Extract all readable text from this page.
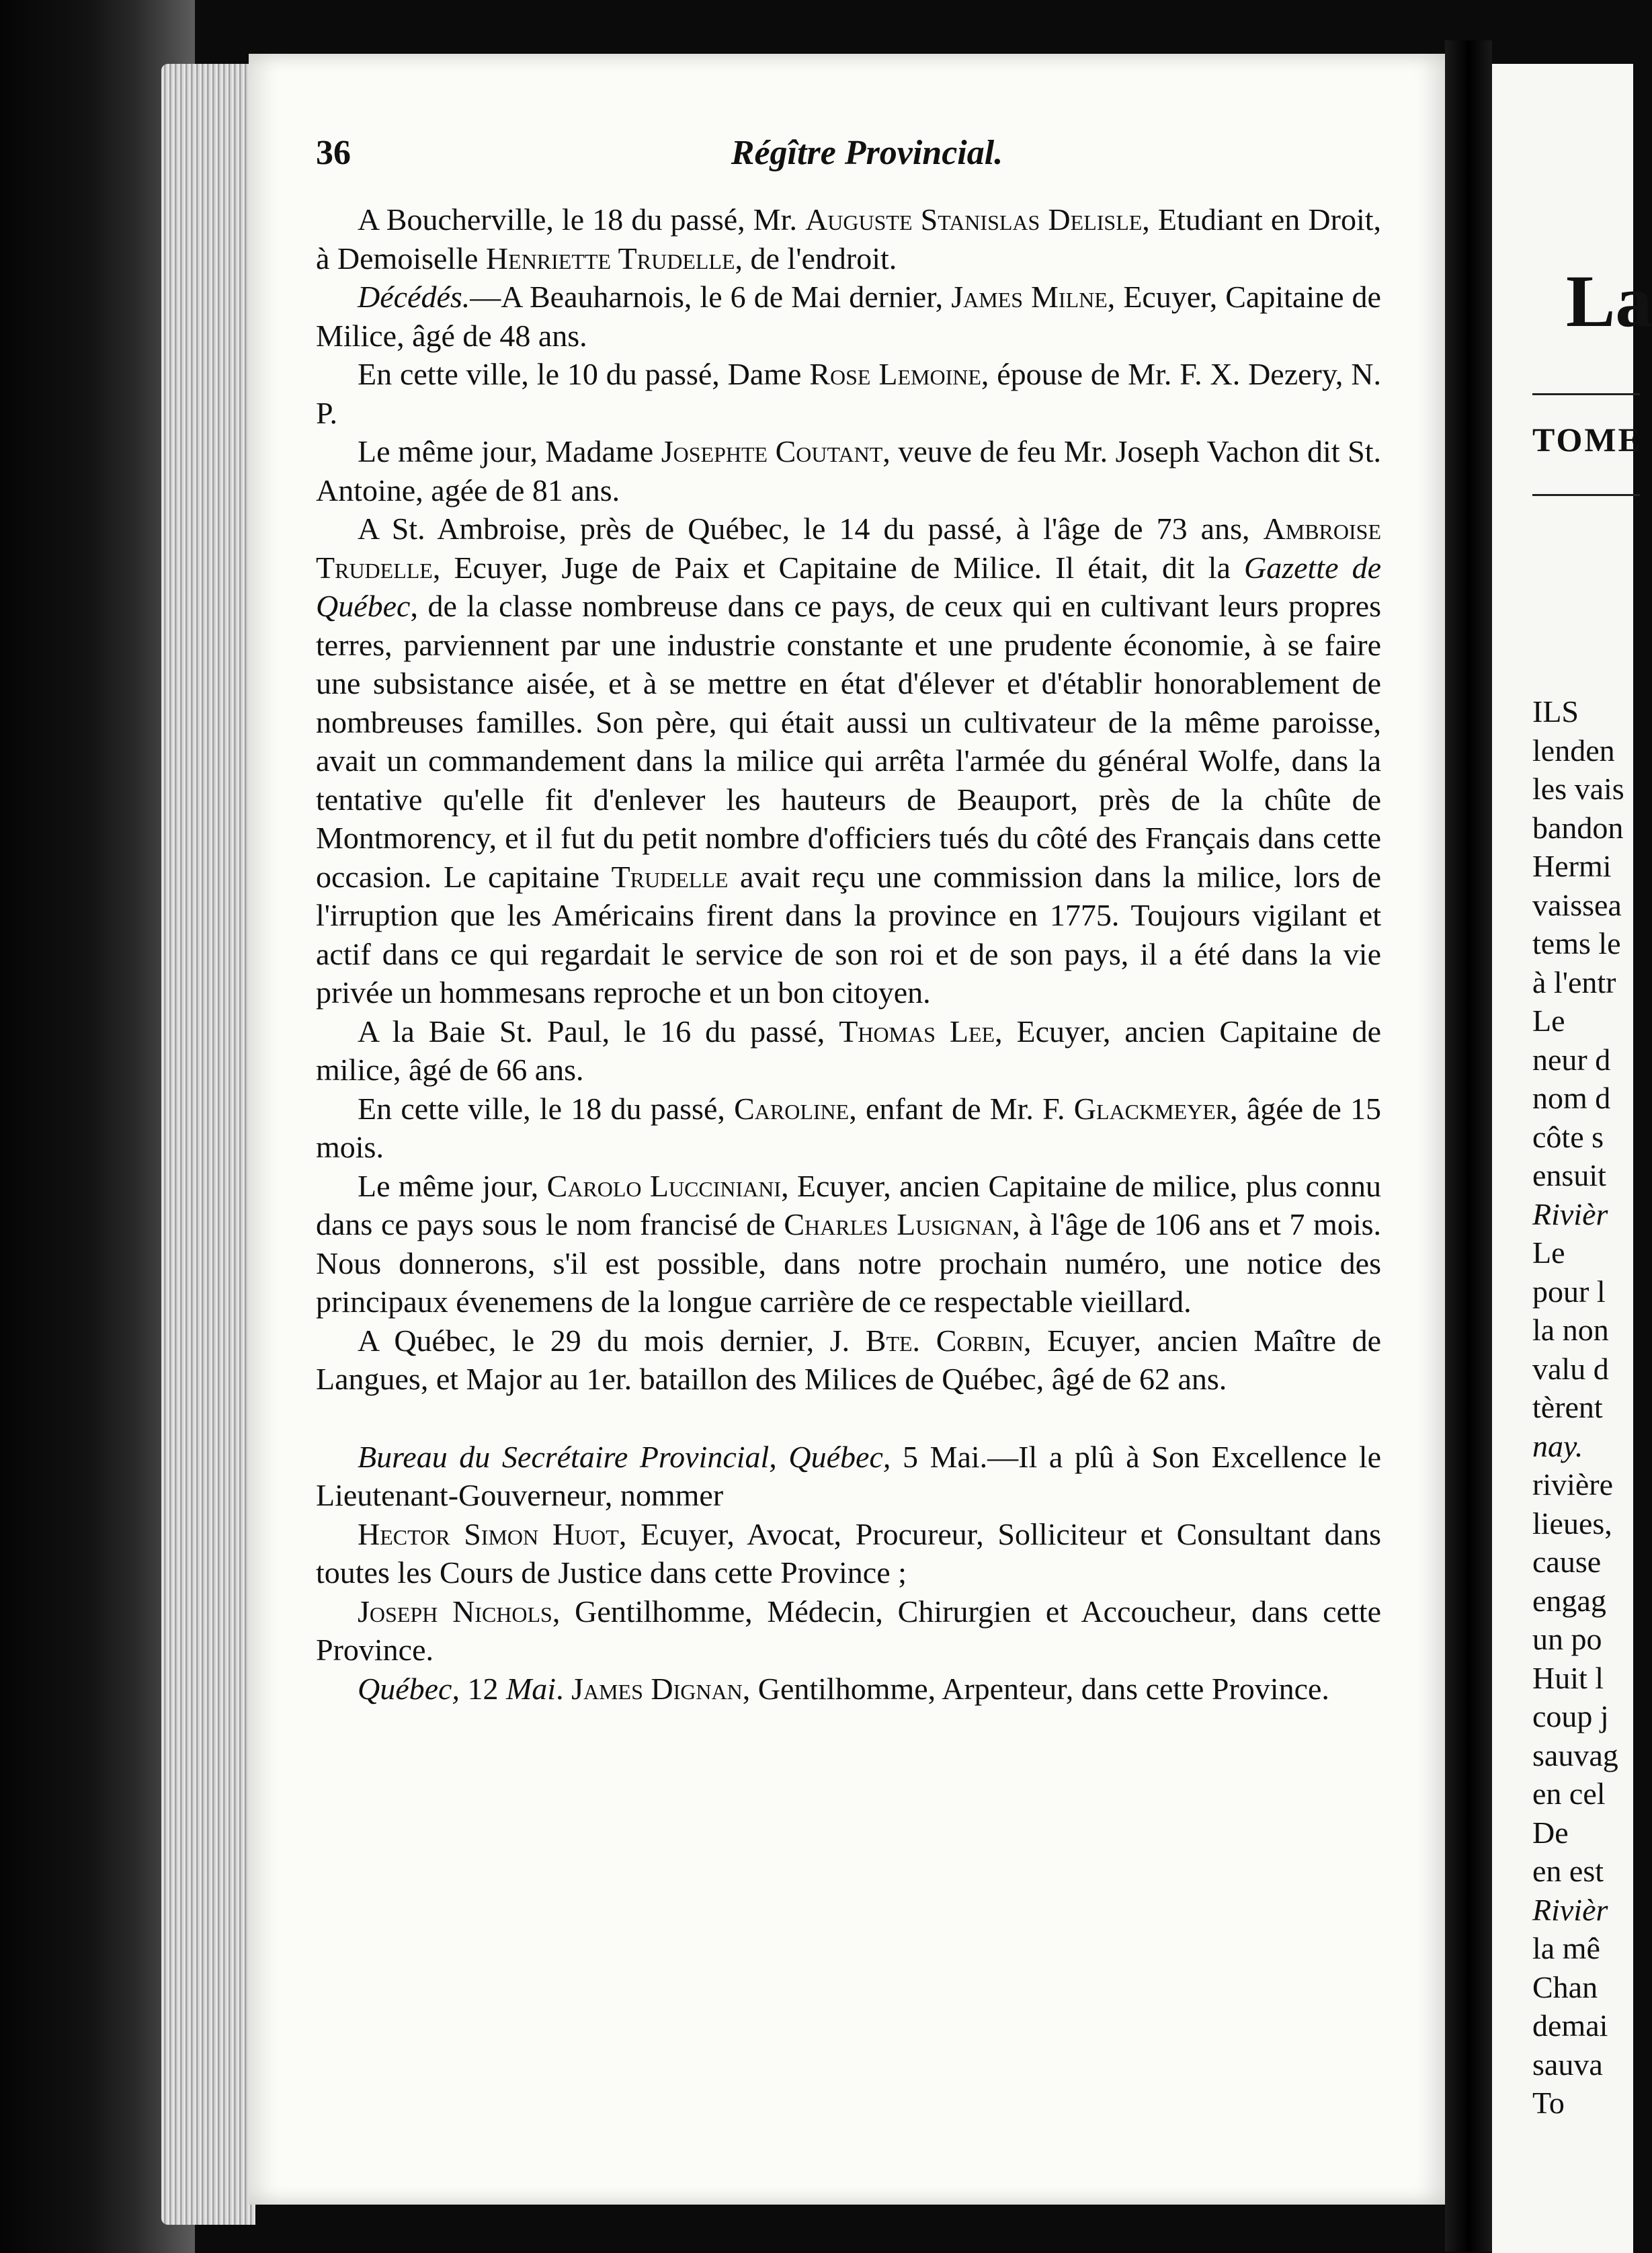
La
TOME
ILS
lenden
les vais
bandon
Hermi
vaissea
tems le
à l'entr
Le
neur d
nom d
côte s
ensuit
Rivièr
Le
pour l
la non
valu d
tèrent
nay.
rivière
lieues,
cause
engag
un po
Huit l
coup j
sauvag
en cel
De
en est
Rivièr
la mê
Chan
demai
sauva
To
36	Régître Provincial.

A Boucherville, le 18 du passé, Mr. Auguste Stanislas Delisle, Etudiant en Droit, à Demoiselle Henriette Trudelle, de l'endroit.

Décédés.—A Beauharnois, le 6 de Mai dernier, James Milne, Ecuyer, Capitaine de Milice, âgé de 48 ans.

En cette ville, le 10 du passé, Dame Rose Lemoine, épouse de Mr. F. X. Dezery, N. P.

Le même jour, Madame Josephte Coutant, veuve de feu Mr. Joseph Vachon dit St. Antoine, agée de 81 ans.

A St. Ambroise, près de Québec, le 14 du passé, à l'âge de 73 ans, Ambroise Trudelle, Ecuyer, Juge de Paix et Capitaine de Milice. Il était, dit la Gazette de Québec, de la classe nombreuse dans ce pays, de ceux qui en cultivant leurs propres terres, parviennent par une industrie constante et une prudente économie, à se faire une subsistance aisée, et à se mettre en état d'élever et d'établir honorablement de nombreuses familles. Son père, qui était aussi un cultivateur de la même paroisse, avait un commandement dans la milice qui arrêta l'armée du général Wolfe, dans la tentative qu'elle fit d'enlever les hauteurs de Beauport, près de la chûte de Montmorency, et il fut du petit nombre d'officiers tués du côté des Français dans cette occasion. Le capitaine Trudelle avait reçu une commission dans la milice, lors de l'irruption que les Américains firent dans la province en 1775. Toujours vigilant et actif dans ce qui regardait le service de son roi et de son pays, il a été dans la vie privée un hommesans reproche et un bon citoyen.

A la Baie St. Paul, le 16 du passé, Thomas Lee, Ecuyer, ancien Capitaine de milice, âgé de 66 ans.

En cette ville, le 18 du passé, Caroline, enfant de Mr. F. Glackmeyer, âgée de 15 mois.

Le même jour, Carolo Lucciniani, Ecuyer, ancien Capitaine de milice, plus connu dans ce pays sous le nom francisé de Charles Lusignan, à l'âge de 106 ans et 7 mois. Nous donnerons, s'il est possible, dans notre prochain numéro, une notice des principaux évenemens de la longue carrière de ce respectable vieillard.

A Québec, le 29 du mois dernier, J. Bte. Corbin, Ecuyer, ancien Maître de Langues, et Major au 1er. bataillon des Milices de Québec, âgé de 62 ans.

Bureau du Secrétaire Provincial, Québec, 5 Mai.—Il a plû à Son Excellence le Lieutenant-Gouverneur, nommer

Hector Simon Huot, Ecuyer, Avocat, Procureur, Solliciteur et Consultant dans toutes les Cours de Justice dans cette Province ;

Joseph Nichols, Gentilhomme, Médecin, Chirurgien et Accoucheur, dans cette Province.

Québec, 12 Mai. James Dignan, Gentilhomme, Arpenteur, dans cette Province.
